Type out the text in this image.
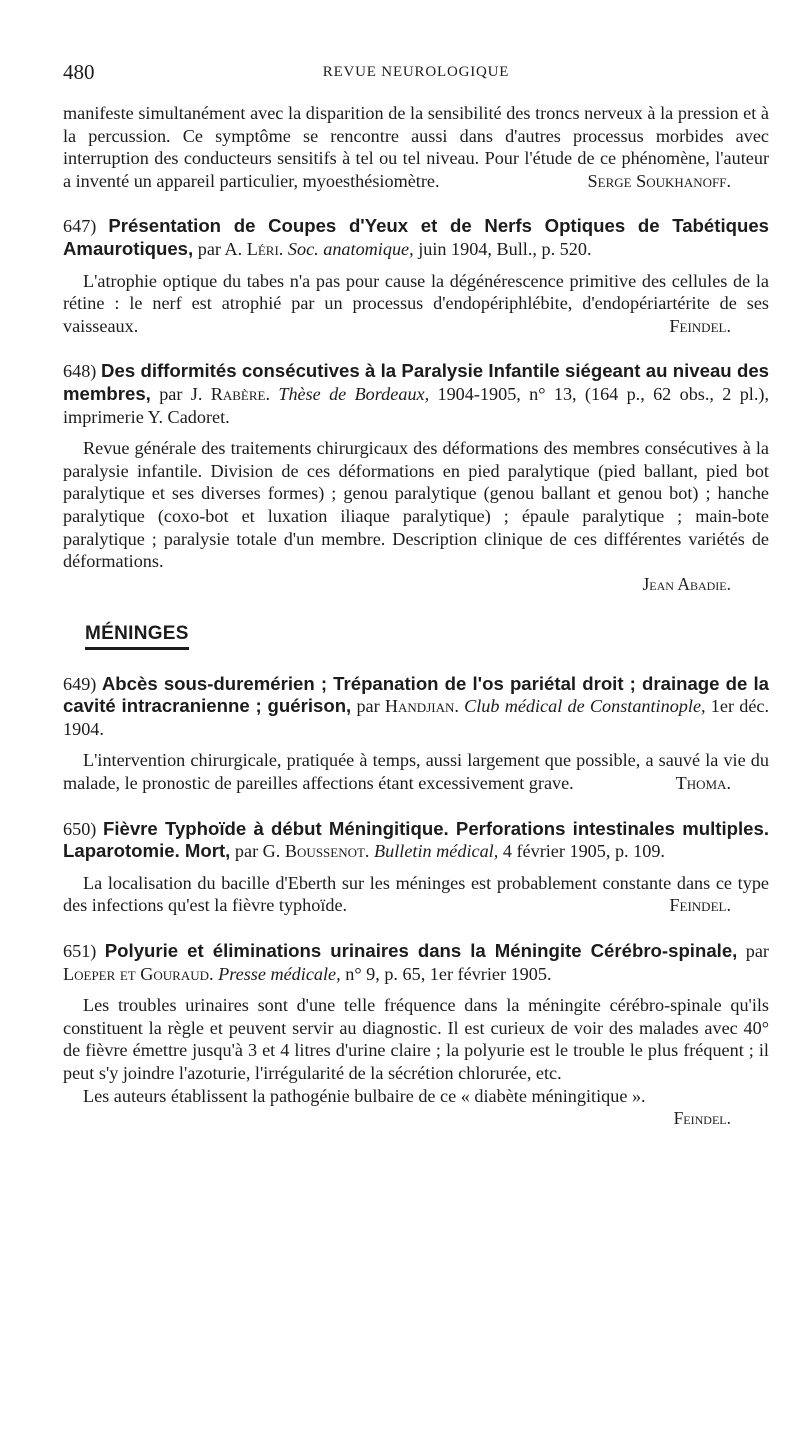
480	REVUE NEUROLOGIQUE

manifeste simultanément avec la disparition de la sensibilité des troncs nerveux à la pression et à la percussion. Ce symptôme se rencontre aussi dans d'autres processus morbides avec interruption des conducteurs sensitifs à tel ou tel niveau. Pour l'étude de ce phénomène, l'auteur a inventé un appareil particulier, myoesthésiomètre.	Serge Soukhanoff.

647) Présentation de Coupes d'Yeux et de Nerfs Optiques de Tabétiques Amaurotiques, par A. Léri. Soc. anatomique, juin 1904, Bull., p. 520.

L'atrophie optique du tabes n'a pas pour cause la dégénérescence primitive des cellules de la rétine : le nerf est atrophié par un processus d'endopériphlébite, d'endopériartérite de ses vaisseaux.	Feindel.

648) Des difformités consécutives à la Paralysie Infantile siégeant au niveau des membres, par J. Rabère. Thèse de Bordeaux, 1904-1905, n° 13, (164 p., 62 obs., 2 pl.), imprimerie Y. Cadoret.

Revue générale des traitements chirurgicaux des déformations des membres consécutives à la paralysie infantile. Division de ces déformations en pied paralytique (pied ballant, pied bot paralytique et ses diverses formes) ; genou paralytique (genou ballant et genou bot) ; hanche paralytique (coxo-bot et luxation iliaque paralytique) ; épaule paralytique ; main-bote paralytique ; paralysie totale d'un membre. Description clinique de ces différentes variétés de déformations.

Jean Abadie.
MÉNINGES
649) Abcès sous-duremérien ; Trépanation de l'os pariétal droit ; drainage de la cavité intracranienne ; guérison, par Handjian. Club médical de Constantinople, 1er déc. 1904.

L'intervention chirurgicale, pratiquée à temps, aussi largement que possible, a sauvé la vie du malade, le pronostic de pareilles affections étant excessivement grave.	Thoma.

650) Fièvre Typhoïde à début Méningitique. Perforations intestinales multiples. Laparotomie. Mort, par G. Boussenot. Bulletin médical, 4 février 1905, p. 109.

La localisation du bacille d'Eberth sur les méninges est probablement constante dans ce type des infections qu'est la fièvre typhoïde.	Feindel.

651) Polyurie et éliminations urinaires dans la Méningite Cérébro-spinale, par Loeper et Gouraud. Presse médicale, n° 9, p. 65, 1er février 1905.

Les troubles urinaires sont d'une telle fréquence dans la méningite cérébro-spinale qu'ils constituent la règle et peuvent servir au diagnostic. Il est curieux de voir des malades avec 40° de fièvre émettre jusqu'à 3 et 4 litres d'urine claire ; la polyurie est le trouble le plus fréquent ; il peut s'y joindre l'azoturie, l'irrégularité de la sécrétion chlorurée, etc.

Les auteurs établissent la pathogénie bulbaire de ce « diabète méningitique ».

Feindel.
